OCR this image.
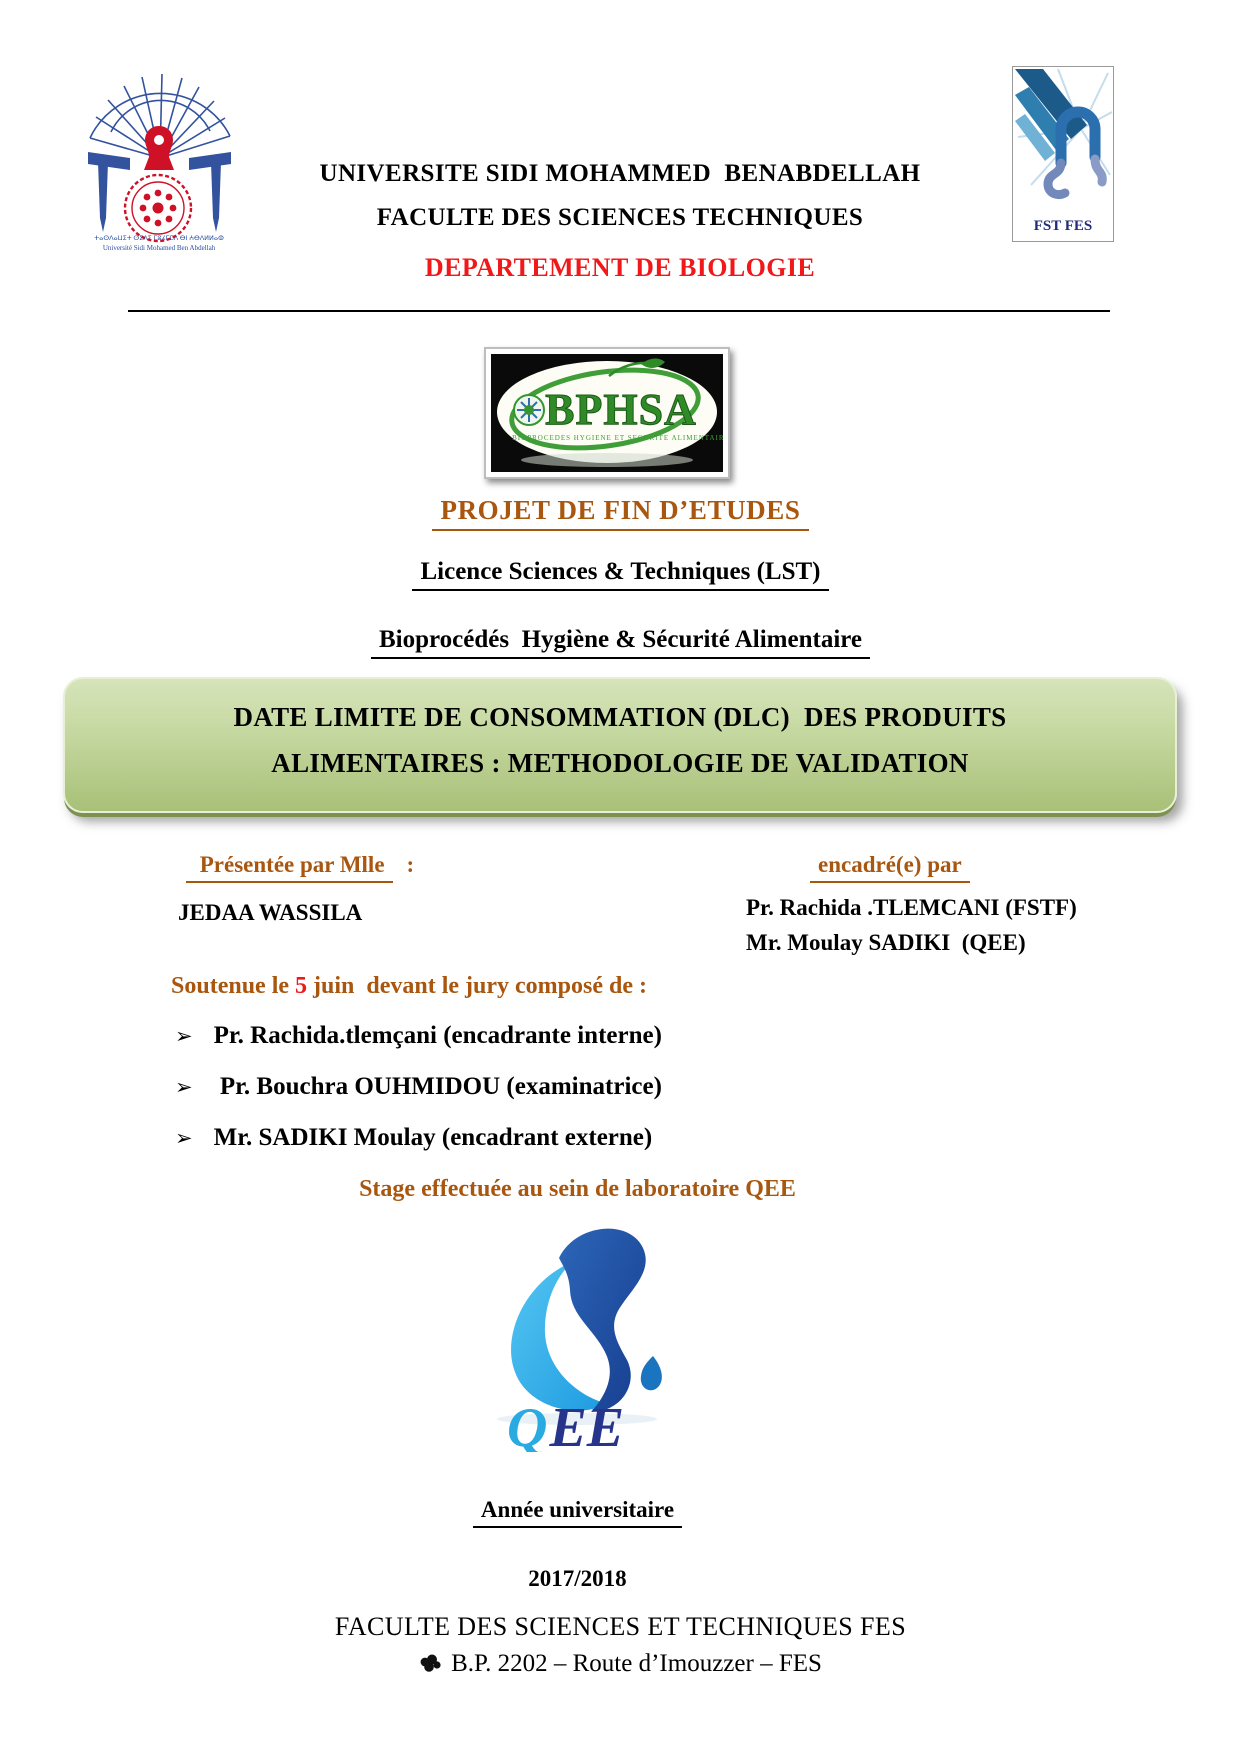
ⵜⴰⵙⴷⴰⵡⵉⵜ ⵙⵉⴷⵉ ⵎⵓⵃⵎⵎⴷ ⴱⵏ ⵄⴱⴷⵍⵍⴰⵀ
Université Sidi Mohamed Ben Abdellah
UNIVERSITE SIDI MOHAMMED  BENABDELLAH
FACULTE DES SCIENCES TECHNIQUES
DEPARTEMENT DE BIOLOGIE
FST FES
BPHSA
BIOPROCEDES HYGIENE ET SECURITE ALIMENTAIRE
PROJET DE FIN D’ETUDES
Licence Sciences & Techniques (LST)
Bioprocédés  Hygiène & Sécurité Alimentaire
DATE LIMITE DE CONSOMMATION (DLC)  DES PRODUITS
ALIMENTAIRES : METHODOLOGIE DE VALIDATION
Présentée par Mlle :	encadré(e) par
JEDAA WASSILA	Pr. Rachida .TLEMCANI (FSTF)
Mr. Moulay SADIKI  (QEE)
Soutenue le 5 juin  devant le jury composé de :
➢ Pr. Rachida.tlemçani (encadrante interne)
➢ Pr. Bouchra OUHMIDOU (examinatrice)
➢ Mr. SADIKI Moulay (encadrant externe)
Stage effectuée au sein de laboratoire QEE
QEE
Année universitaire
2017/2018
FACULTE DES SCIENCES ET TECHNIQUES FES
B.P. 2202 – Route d’Imouzzer – FES
